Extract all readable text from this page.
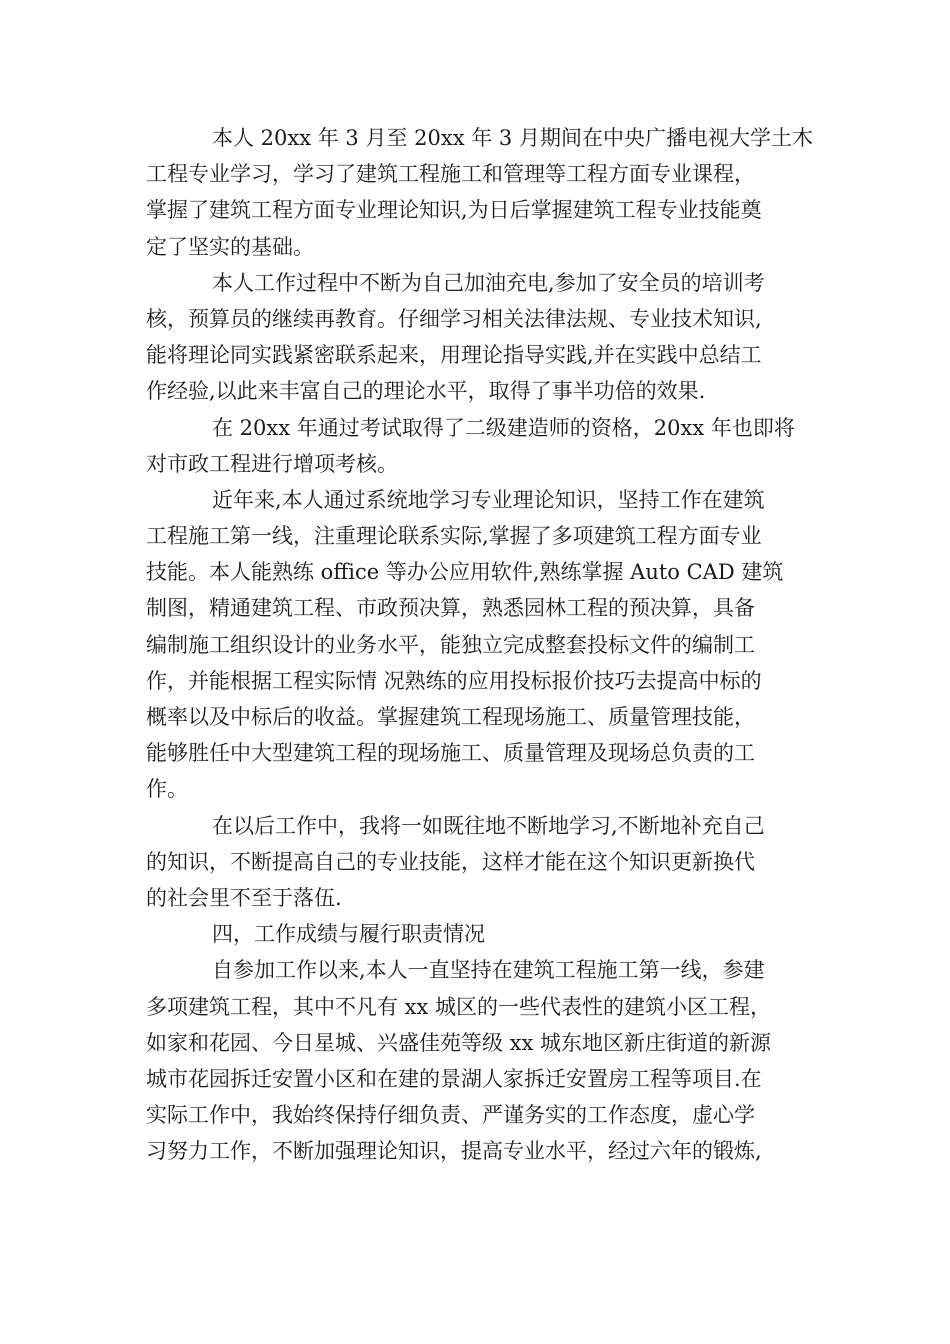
本人 20xx 年 3 月至 20xx 年 3 月期间在中央广播电视大学土木
工程专业学习，学习了建筑工程施工和管理等工程方面专业课程，
掌握了建筑工程方面专业理论知识,为日后掌握建筑工程专业技能奠
定了坚实的基础。
本人工作过程中不断为自己加油充电,参加了安全员的培训考
核，预算员的继续再教育。仔细学习相关法律法规、专业技术知识,
能将理论同实践紧密联系起来，用理论指导实践,并在实践中总结工
作经验,以此来丰富自己的理论水平，取得了事半功倍的效果.
在 20xx 年通过考试取得了二级建造师的资格，20xx 年也即将
对市政工程进行增项考核。
近年来,本人通过系统地学习专业理论知识，坚持工作在建筑
工程施工第一线，注重理论联系实际,掌握了多项建筑工程方面专业
技能。本人能熟练 office 等办公应用软件,熟练掌握 Auto CAD 建筑
制图，精通建筑工程、市政预决算，熟悉园林工程的预决算，具备
编制施工组织设计的业务水平，能独立完成整套投标文件的编制工
作，并能根据工程实际情 况熟练的应用投标报价技巧去提高中标的
概率以及中标后的收益。掌握建筑工程现场施工、质量管理技能，
能够胜任中大型建筑工程的现场施工、质量管理及现场总负责的工
作。
在以后工作中，我将一如既往地不断地学习,不断地补充自己
的知识，不断提高自己的专业技能，这样才能在这个知识更新换代
的社会里不至于落伍.
四，工作成绩与履行职责情况
自参加工作以来,本人一直坚持在建筑工程施工第一线，参建
多项建筑工程，其中不凡有 xx 城区的一些代表性的建筑小区工程，
如家和花园、今日星城、兴盛佳苑等级 xx 城东地区新庄街道的新源
城市花园拆迁安置小区和在建的景湖人家拆迁安置房工程等项目.在
实际工作中，我始终保持仔细负责、严谨务实的工作态度，虚心学
习努力工作，不断加强理论知识，提高专业水平，经过六年的锻炼,
